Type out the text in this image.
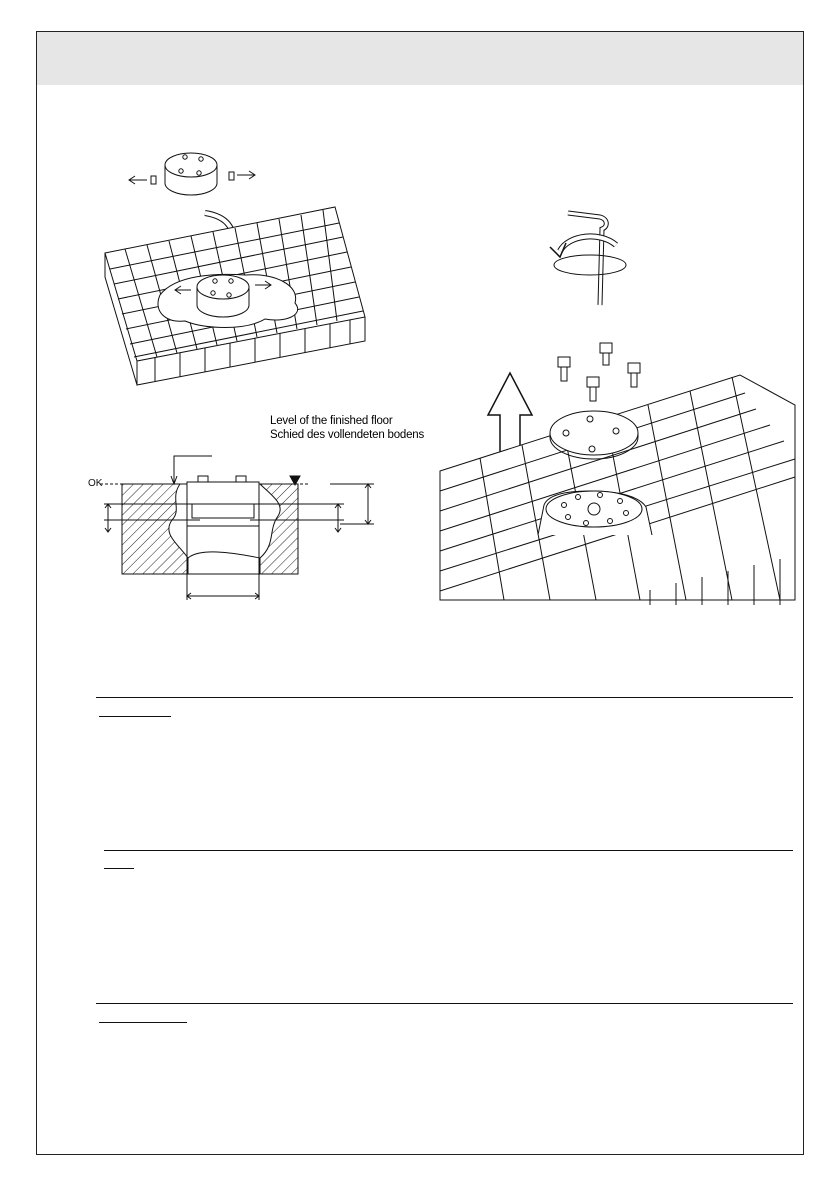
Level of the finished floor
Schied des vollendeten bodens
OK
